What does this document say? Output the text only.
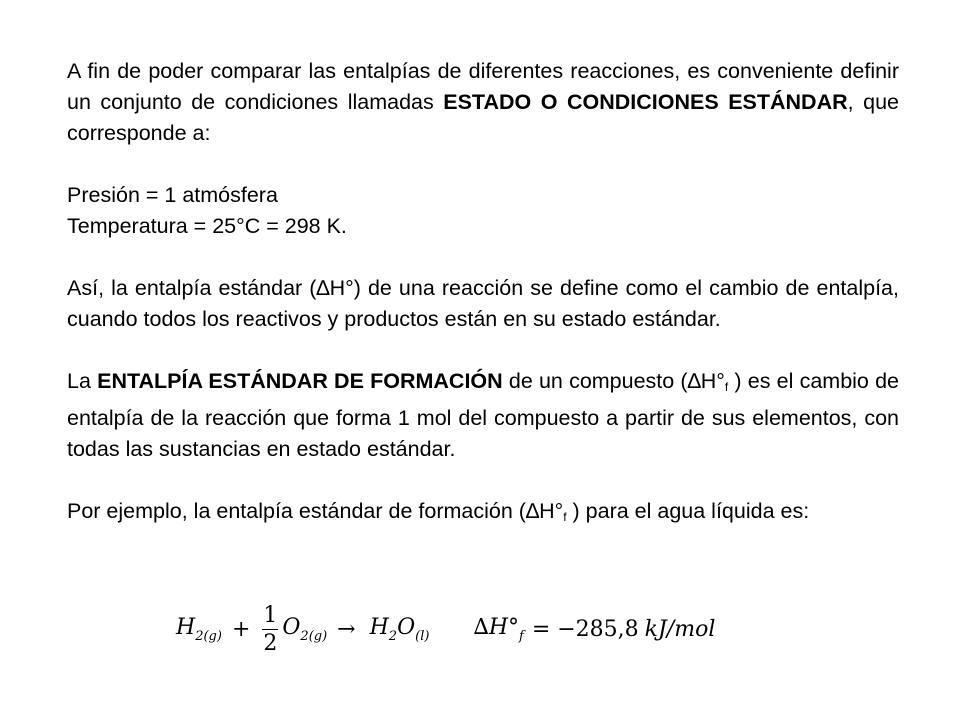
A fin de poder comparar las entalpías de diferentes reacciones, es conveniente definir un conjunto de condiciones llamadas ESTADO O CONDICIONES ESTÁNDAR, que corresponde a:

Presión = 1 atmósfera

Temperatura = 25°C = 298 K.

Así, la entalpía estándar (∆H°) de una reacción se define como el cambio de entalpía, cuando todos los reactivos y productos están en su estado estándar.

La ENTALPÍA ESTÁNDAR DE FORMACIÓN de un compuesto ($\Delta H^\circ_f$ ) es el cambio de entalpía de la reacción que forma 1 mol del compuesto a partir de sus elementos, con todas las sustancias en estado estándar.

Por ejemplo, la entalpía estándar de formación ($\Delta H^\circ_f$ ) para el agua líquida es:

$H_{2(g)} + \frac{1}{2} O_{2(g)} \to H_2O_{(l)}$ $\Delta H^\circ_f = -285,8$ kJ/mol
